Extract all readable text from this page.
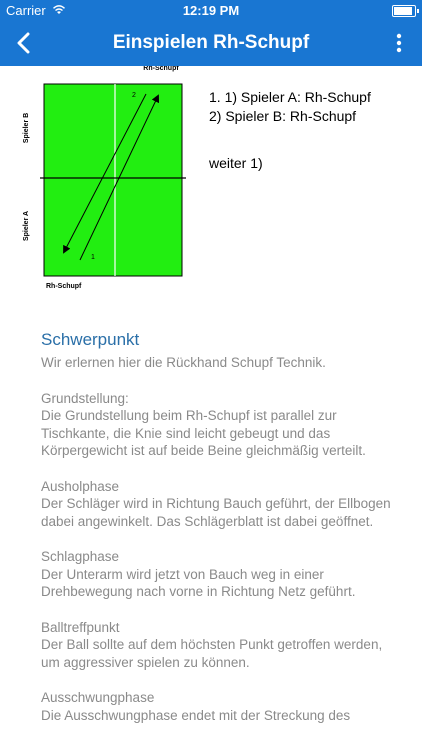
Carrier	12:19 PM
Einspielen Rh-Schupf
Rh-Schupf
1
2
Spieler B
Spieler A
Rh-Schupf
1. 1) Spieler A: Rh-Schupf
2) Spieler B: Rh-Schupf
weiter 1)
Schwerpunkt
Wir erlernen hier die Rückhand Schupf Technik.
Grundstellung:
Die Grundstellung beim Rh-Schupf ist parallel zur Tischkante, die Knie sind leicht gebeugt und das Körpergewicht ist auf beide Beine gleichmäßig verteilt.
Ausholphase
Der Schläger wird in Richtung Bauch geführt, der Ellbogen dabei angewinkelt. Das Schlägerblatt ist dabei geöffnet.
Schlagphase
Der Unterarm wird jetzt von Bauch weg in einer Drehbewegung nach vorne in Richtung Netz geführt.
Balltreffpunkt
Der Ball sollte auf dem höchsten Punkt getroffen werden, um aggressiver spielen zu können.
Ausschwungphase
Die Ausschwungphase endet mit der Streckung des
